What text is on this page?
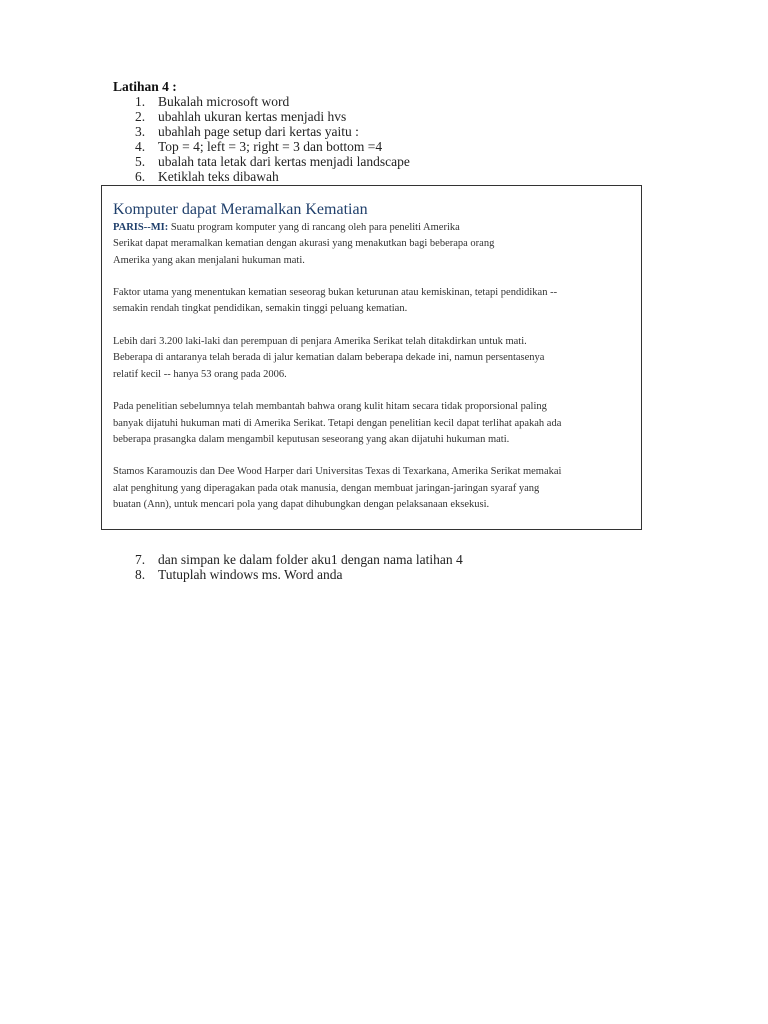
Latihan 4 :

1. Bukalah microsoft word
2. ubahlah ukuran kertas menjadi hvs
3. ubahlah page setup dari kertas yaitu :
4. Top = 4; left = 3; right = 3 dan bottom =4
5. ubalah tata letak dari kertas menjadi landscape
6. Ketiklah teks dibawah
Komputer dapat Meramalkan Kematian

PARIS--MI: Suatu program komputer yang di rancang oleh para peneliti Amerika
Serikat dapat meramalkan kematian dengan akurasi yang menakutkan bagi beberapa orang
Amerika yang akan menjalani hukuman mati.

Faktor utama yang menentukan kematian seseorag bukan keturunan atau kemiskinan, tetapi pendidikan --
semakin rendah tingkat pendidikan, semakin tinggi peluang kematian.

Lebih dari 3.200 laki-laki dan perempuan di penjara Amerika Serikat telah ditakdirkan untuk mati.
Beberapa di antaranya telah berada di jalur kematian dalam beberapa dekade ini, namun persentasenya
relatif kecil -- hanya 53 orang pada 2006.

Pada penelitian sebelumnya telah membantah bahwa orang kulit hitam secara tidak proporsional paling
banyak dijatuhi hukuman mati di Amerika Serikat. Tetapi dengan penelitian kecil dapat terlihat apakah ada
beberapa prasangka dalam mengambil keputusan seseorang yang akan dijatuhi hukuman mati.

Stamos Karamouzis dan Dee Wood Harper dari Universitas Texas di Texarkana, Amerika Serikat memakai
alat penghitung yang diperagakan pada otak manusia, dengan membuat jaringan-jaringan syaraf yang
buatan (Ann), untuk mencari pola yang dapat dihubungkan dengan pelaksanaan eksekusi.

7. dan simpan ke dalam folder aku1 dengan nama latihan 4
8. Tutuplah windows ms. Word anda
